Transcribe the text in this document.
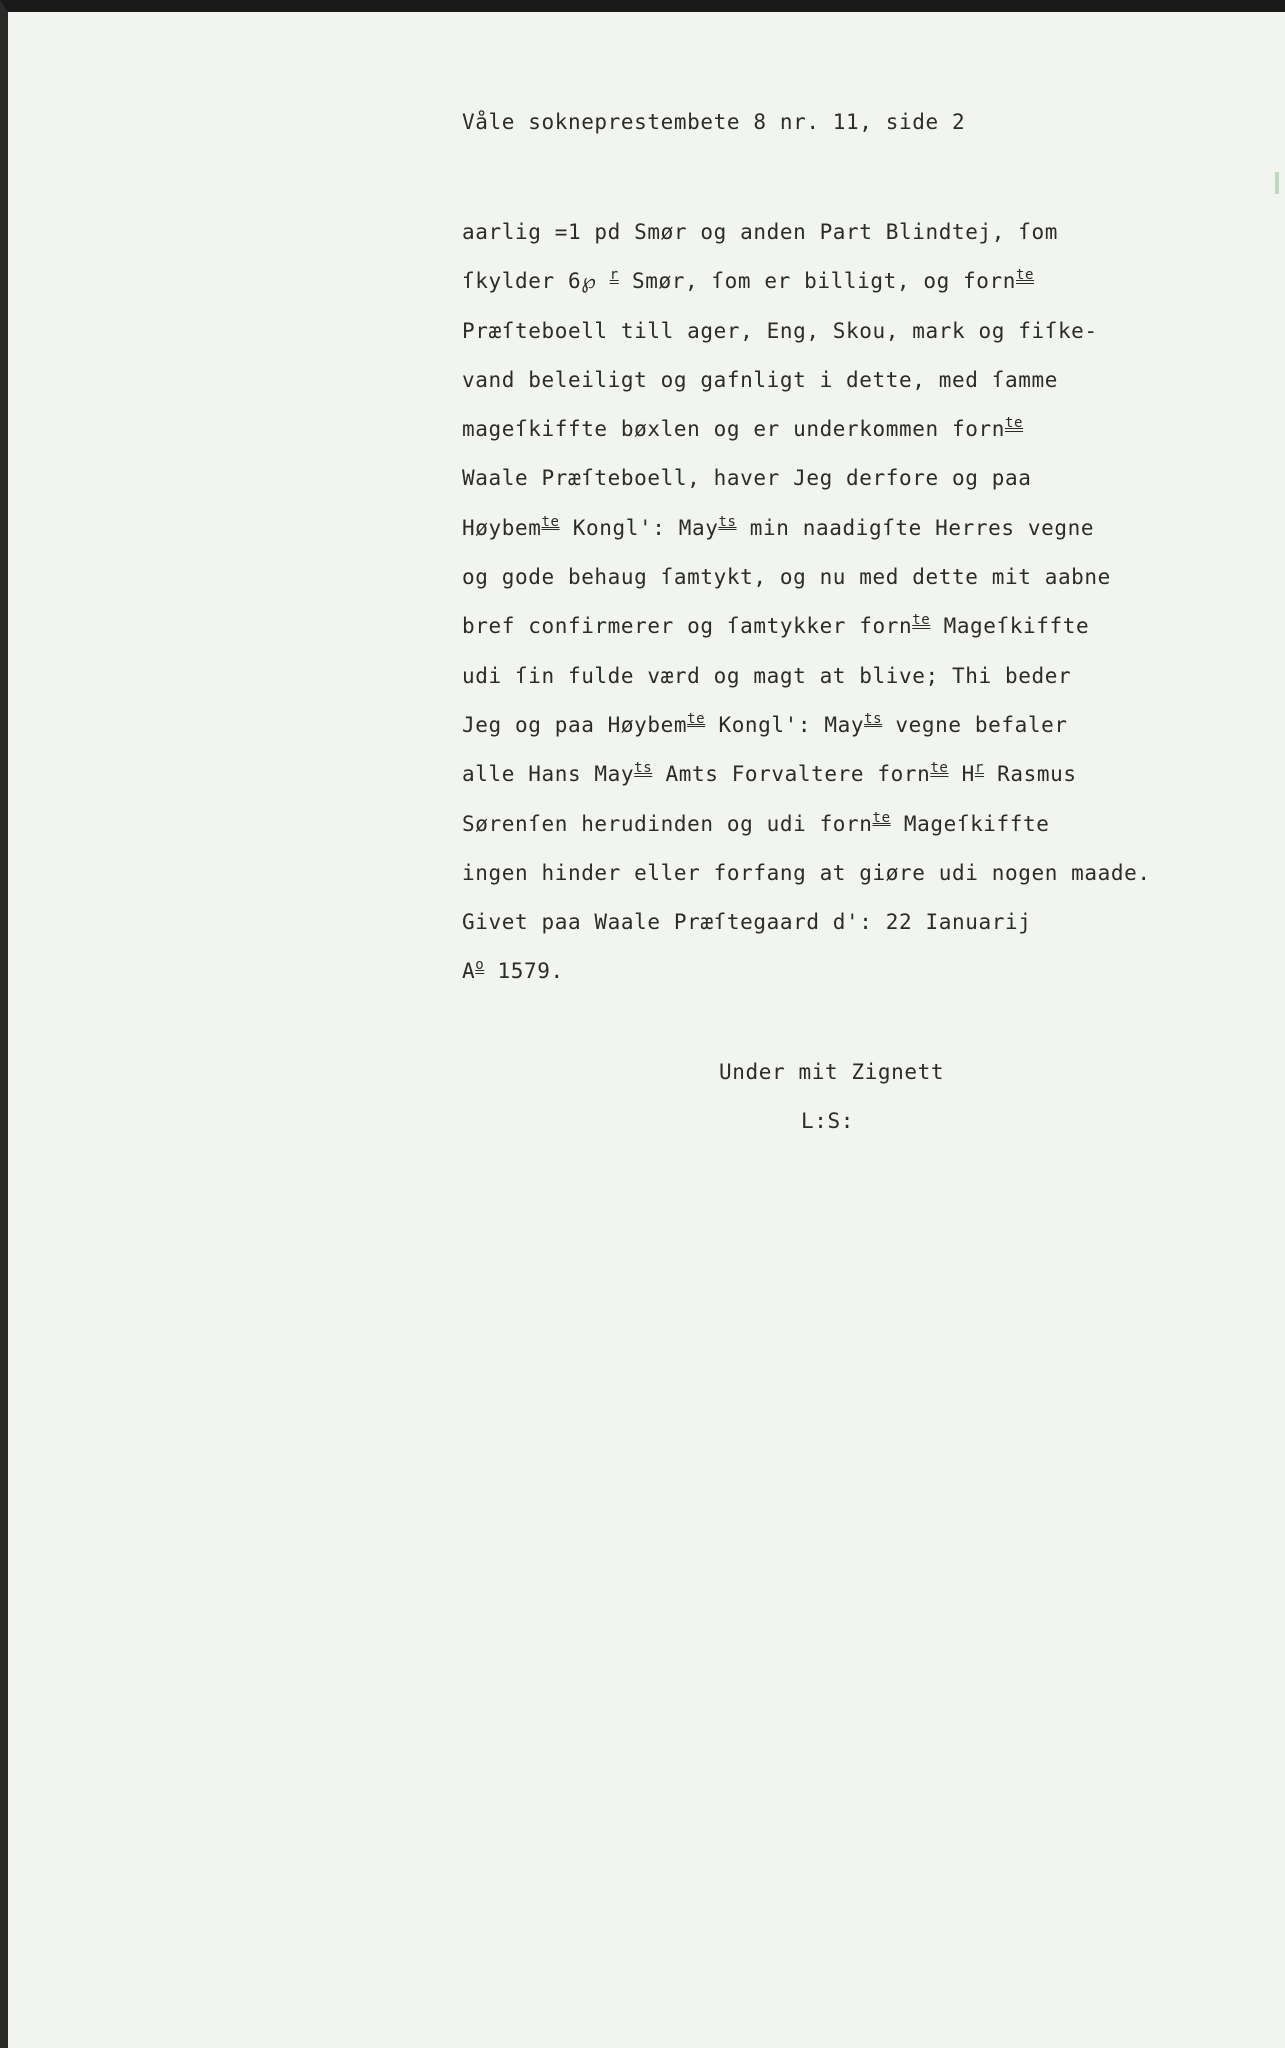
Våle sokneprestembete 8 nr. 11, side 2
aarlig =1 pd Smør og anden Part Blindtej, ſom
ſkylder 6℘ $^r$ Smør, ſom er billigt, og forn$^{te}$
Præſteboell till ager, Eng, Skou, mark og fiſke-
vand beleiligt og gafnligt i dette, med ſamme
mageſkiffte bøxlen og er underkommen forn$^{te}$
Waale Præſteboell, haver Jeg derfore og paa
Høybem$^{te}$ Kongl': May$^{ts}$ min naadigſte Herres vegne
og gode behaug ſamtykt, og nu med dette mit aabne
bref confirmerer og ſamtykker forn$^{te}$ Mageſkiffte
udi ſin fulde værd og magt at blive; Thi beder
Jeg og paa Høybem$^{te}$ Kongl': May$^{ts}$ vegne befaler
alle Hans May$^{ts}$ Amts Forvaltere forn$^{te}$ $H^r$ Rasmus
Sørenſen herudinden og udi forn$^{te}$ Mageſkiffte
ingen hinder eller forfang at giøre udi nogen maade.
Givet paa Waale Præſtegaard d': 22 Ianuarij
$A^o$ 1579.
Under mit Zignett
L:S:
